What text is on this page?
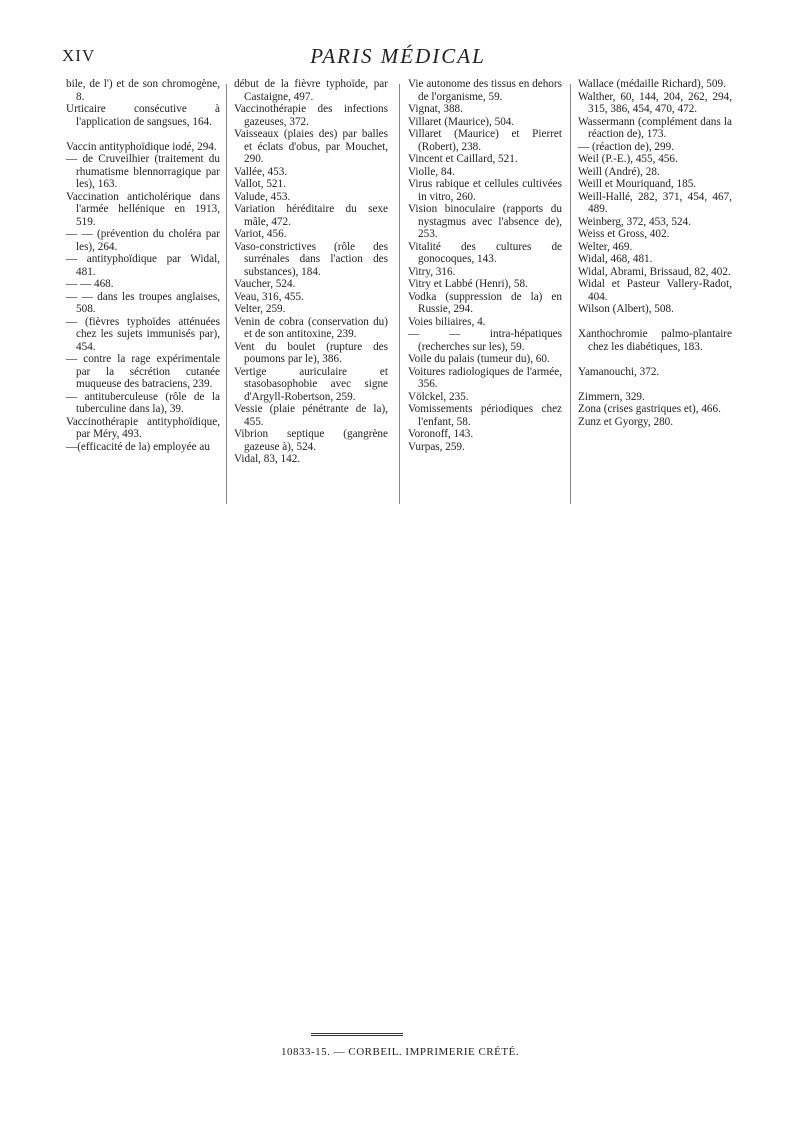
XIV	PARIS MÉDICAL

bile, de l') et de son chromogène, 8.

Urticaire consécutive à l'application de sangsues, 164.

Vaccin antityphoïdique iodé, 294.

— de Cruveilhier (traitement du rhumatisme blennorragique par les), 163.

Vaccination anticholérique dans l'armée hellénique en 1913, 519.

— — (prévention du choléra par les), 264.

— antityphoïdique par Widal, 481.

— — 468.

— — dans les troupes anglaises, 508.

— (fièvres typhoïdes atténuées chez les sujets immunisés par), 454.

— contre la rage expérimentale par la sécrétion cutanée muqueuse des batraciens, 239.

— antituberculeuse (rôle de la tuberculine dans la), 39.

Vaccinothérapie antityphoïdique, par Méry, 493.

—(efficacité de la) employée au

début de la fièvre typhoïde, par Castaigne, 497.

Vaccinothérapie des infections gazeuses, 372.

Vaisseaux (plaies des) par balles et éclats d'obus, par Mouchet, 290.

Vallée, 453.

Vallot, 521.

Valude, 453.

Variation héréditaire du sexe mâle, 472.

Variot, 456.

Vaso-constrictives (rôle des surrénales dans l'action des substances), 184.

Vaucher, 524.

Veau, 316, 455.

Velter, 259.

Venin de cobra (conservation du) et de son antitoxine, 239.

Vent du boulet (rupture des poumons par le), 386.

Vertige auriculaire et stasobasophobie avec signe d'Argyll-Robertson, 259.

Vessie (plaie pénétrante de la), 455.

Vibrion septique (gangrène gazeuse à), 524.

Vidal, 83, 142.

Vie autonome des tissus en dehors de l'organisme, 59.

Vignat, 388.

Villaret (Maurice), 504.

Villaret (Maurice) et Pierret (Robert), 238.

Vincent et Caillard, 521.

Violle, 84.

Virus rabique et cellules cultivées in vitro, 260.

Vision binoculaire (rapports du nystagmus avec l'absence de), 253.

Vitalité des cultures de gonocoques, 143.

Vitry, 316.

Vitry et Labbé (Henri), 58.

Vodka (suppression de la) en Russie, 294.

Voies biliaires, 4.

— — intra-hépatiques (recherches sur les), 59.

Voile du palais (tumeur du), 60.

Voitures radiologiques de l'armée, 356.

Völckel, 235.

Vomissements périodiques chez l'enfant, 58.

Voronoff, 143.

Vurpas, 259.

Wallace (médaille Richard), 509.

Walther, 60, 144, 204, 262, 294, 315, 386, 454, 470, 472.

Wassermann (complément dans la réaction de), 173.

— (réaction de), 299.

Weil (P.-E.), 455, 456.

Weill (André), 28.

Weill et Mouriquand, 185.

Weill-Hallé, 282, 371, 454, 467, 489.

Weinberg, 372, 453, 524.

Weiss et Gross, 402.

Welter, 469.

Widal, 468, 481.

Widal, Abrami, Brissaud, 82, 402.

Widal et Pasteur Vallery-Radot, 404.

Wilson (Albert), 508.

Xanthochromie palmo-plantaire chez les diabétiques, 183.

Yamanouchi, 372.

Zimmern, 329.

Zona (crises gastriques et), 466.

Zunz et Gyorgy, 280.

10833-15. — CORBEIL. IMPRIMERIE CRÉTÉ.
